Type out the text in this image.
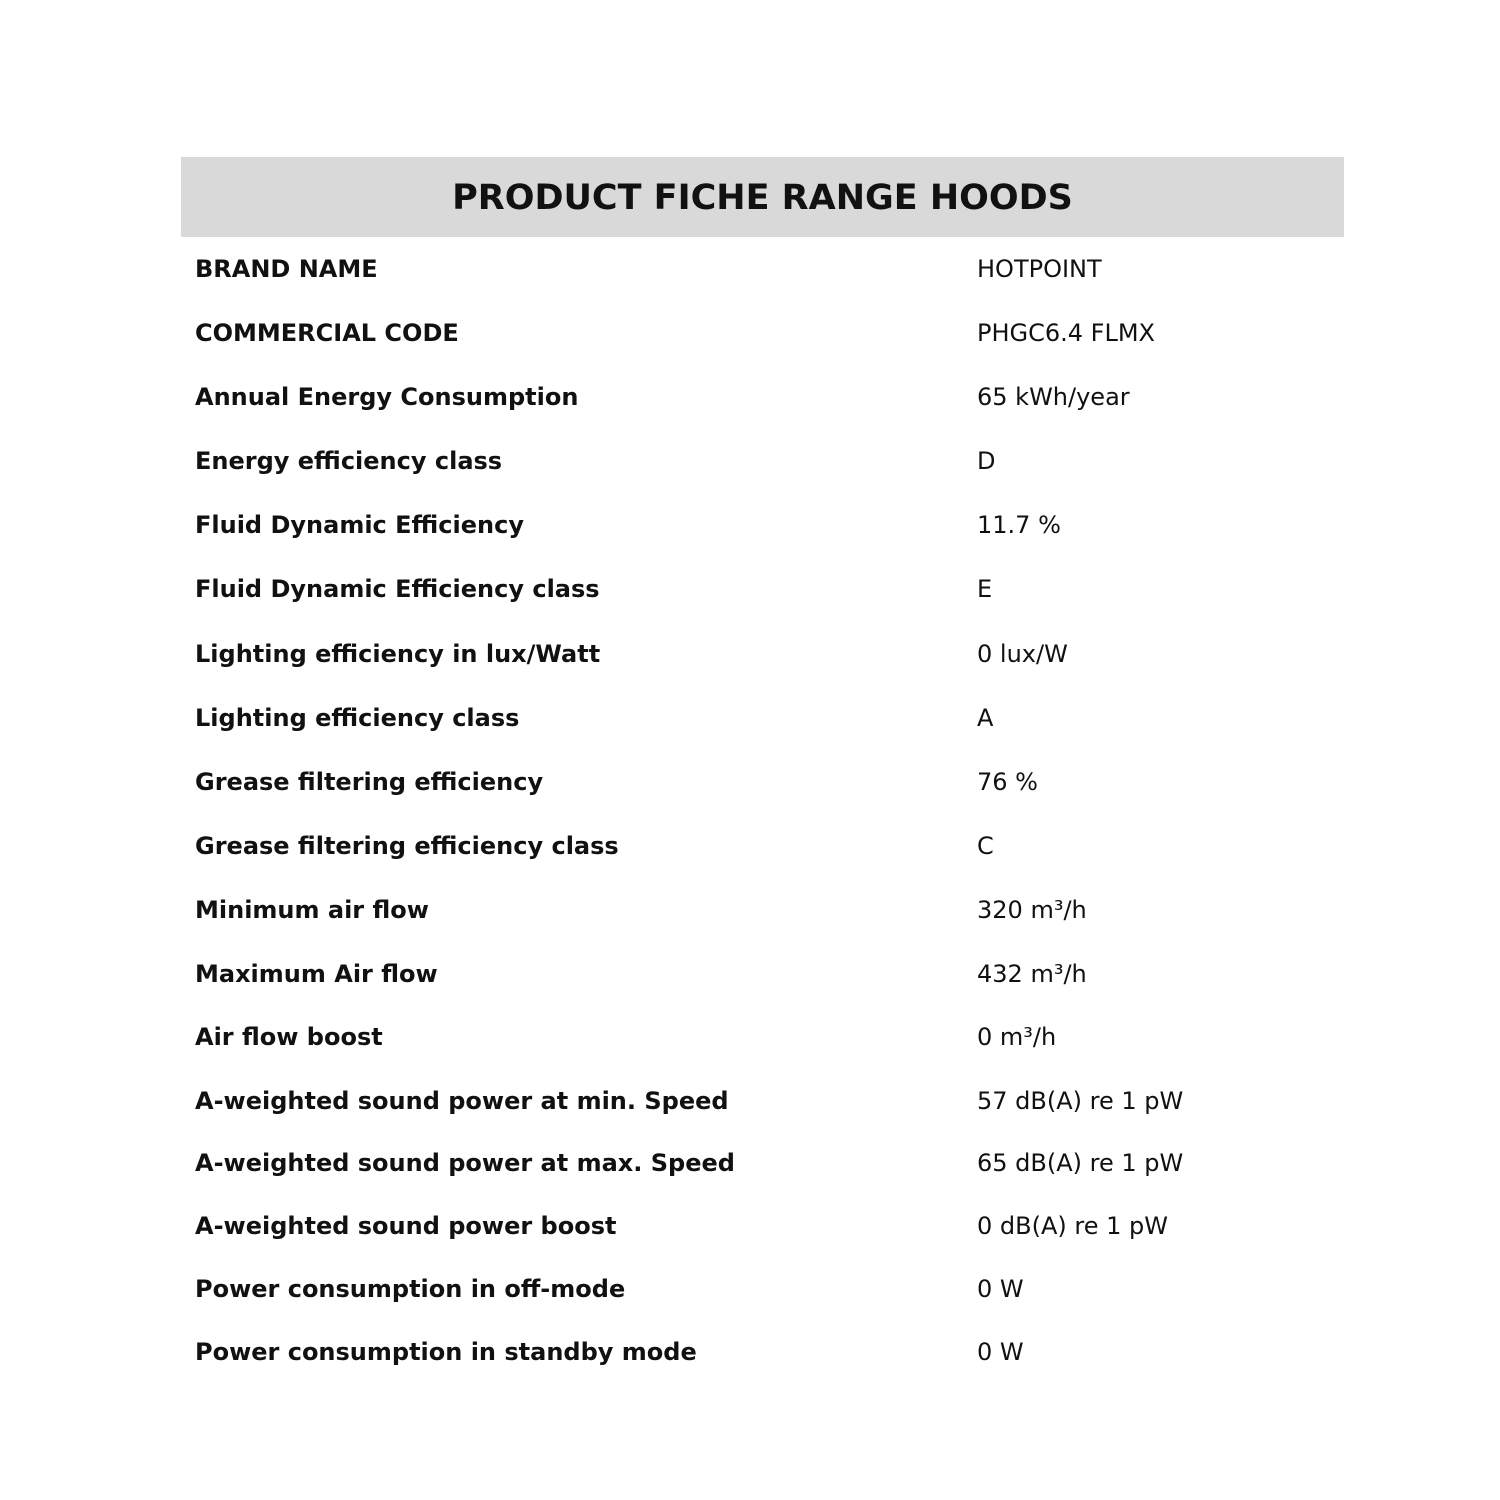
PRODUCT FICHE RANGE HOODS
BRAND NAME	HOTPOINT
COMMERCIAL CODE	PHGC6.4 FLMX
Annual Energy Consumption	65 kWh/year
Energy efficiency class	D
Fluid Dynamic Efficiency	11.7 %
Fluid Dynamic Efficiency class	E
Lighting efficiency in lux/Watt	0 lux/W
Lighting efficiency class	A
Grease filtering efficiency	76 %
Grease filtering efficiency class	C
Minimum air flow	320 m³/h
Maximum Air flow	432 m³/h
Air flow boost	0 m³/h
A-weighted sound power at min. Speed	57 dB(A) re 1 pW
A-weighted sound power at max. Speed	65 dB(A) re 1 pW
A-weighted sound power boost	0 dB(A) re 1 pW
Power consumption in off-mode	0 W
Power consumption in standby mode	0 W
